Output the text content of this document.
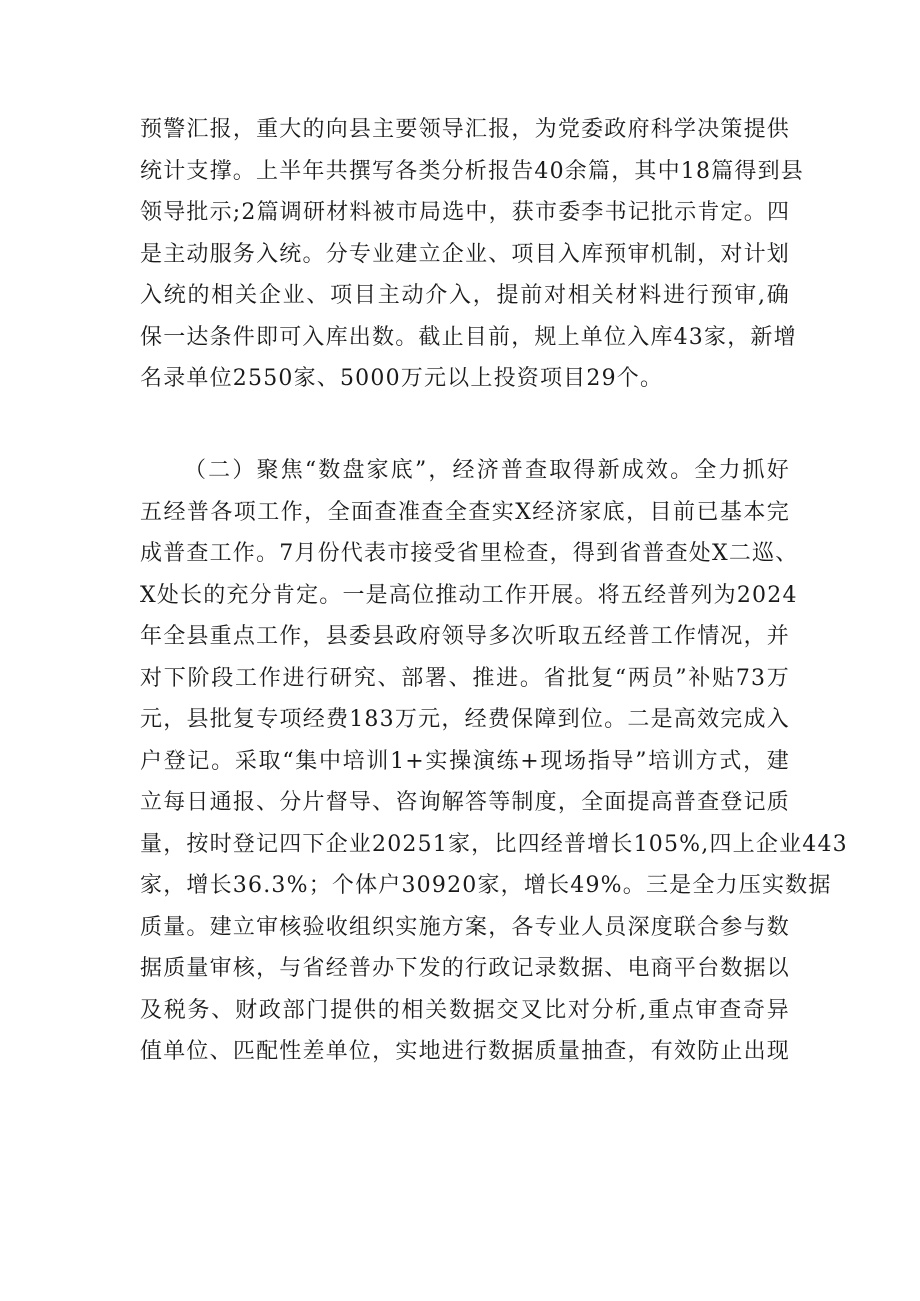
预警汇报，重大的向县主要领导汇报，为党委政府科学决策提供
统计支撑。上半年共撰写各类分析报告40余篇，其中18篇得到县
领导批示;2篇调研材料被市局选中，获市委李书记批示肯定。四
是主动服务入统。分专业建立企业、项目入库预审机制，对计划
入统的相关企业、项目主动介入，提前对相关材料进行预审,确
保一达条件即可入库出数。截止目前，规上单位入库43家，新增
名录单位2550家、5000万元以上投资项目29个。
（二）聚焦“数盘家底”，经济普查取得新成效。全力抓好
五经普各项工作，全面查准查全查实X经济家底，目前已基本完
成普查工作。7月份代表市接受省里检查，得到省普查处X二巡、
X处长的充分肯定。一是高位推动工作开展。将五经普列为2024
年全县重点工作，县委县政府领导多次听取五经普工作情况，并
对下阶段工作进行研究、部署、推进。省批复“两员”补贴73万
元，县批复专项经费183万元，经费保障到位。二是高效完成入
户登记。采取“集中培训1+实操演练+现场指导”培训方式，建
立每日通报、分片督导、咨询解答等制度，全面提高普查登记质
量，按时登记四下企业20251家，比四经普增长105%,四上企业443
家，增长36.3%；个体户30920家，增长49%。三是全力压实数据
质量。建立审核验收组织实施方案，各专业人员深度联合参与数
据质量审核，与省经普办下发的行政记录数据、电商平台数据以
及税务、财政部门提供的相关数据交叉比对分析,重点审查奇异
值单位、匹配性差单位，实地进行数据质量抽查，有效防止出现
